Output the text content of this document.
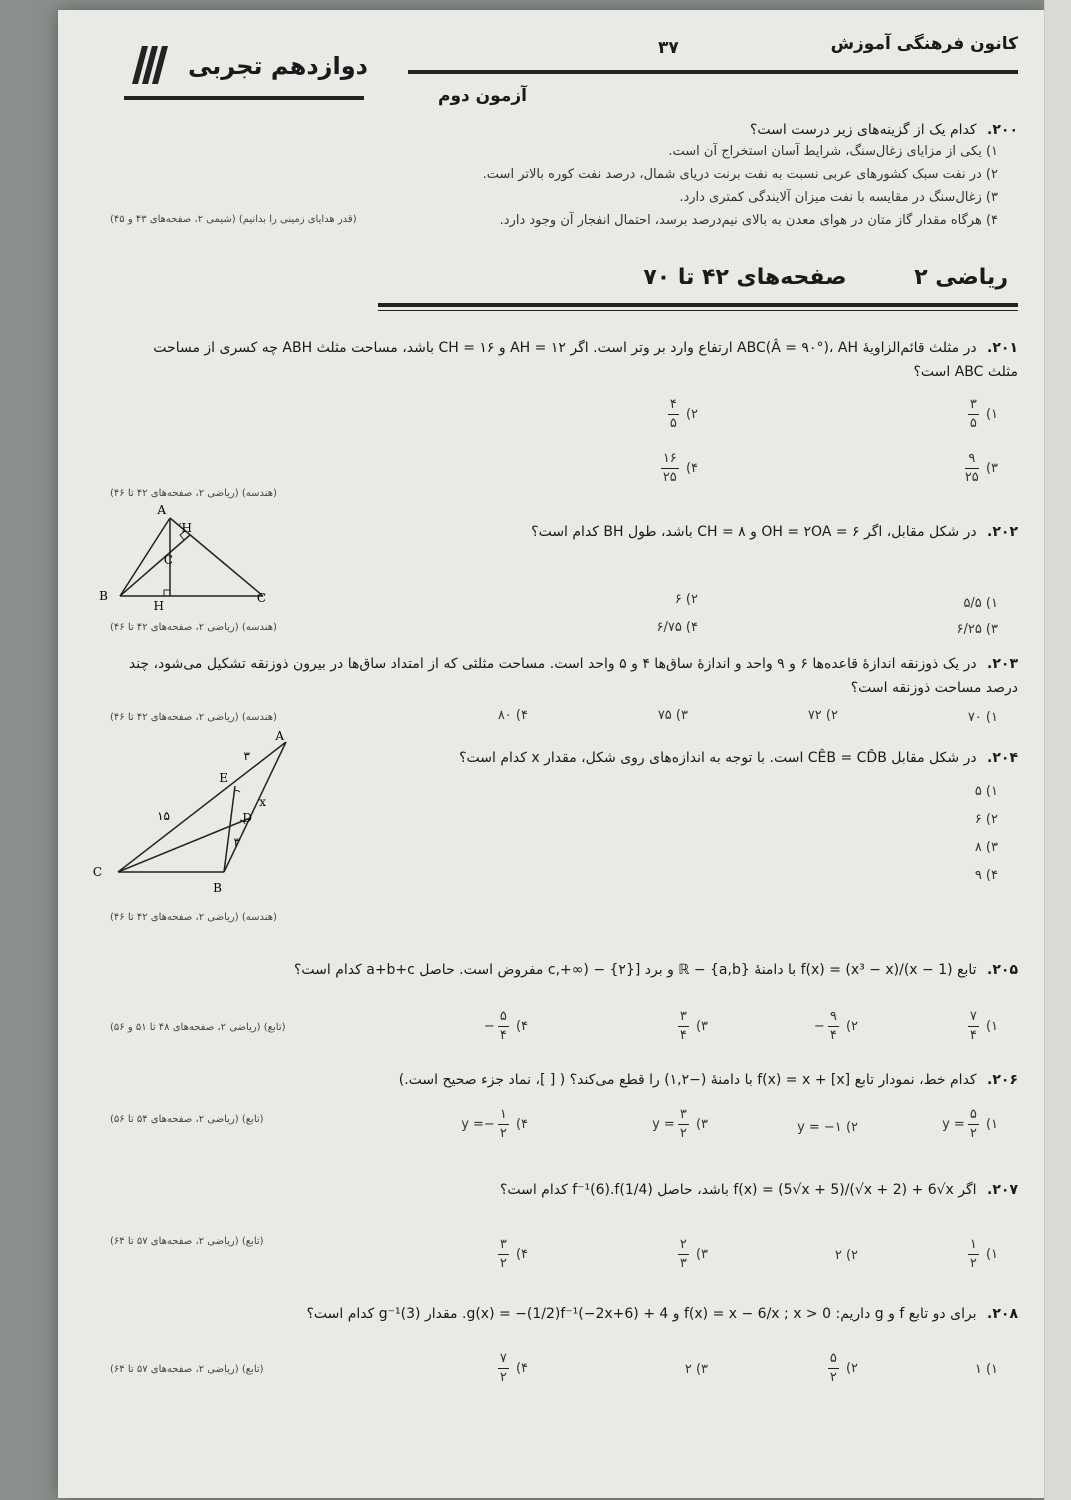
کانون فرهنگی آموزش
۳۷
آزمون دوم
دوازدهم تجربی
۲۰۰. کدام یک از گزینه‌های زیر درست است؟
۱) یکی از مزایای زغال‌سنگ، شرایط آسان استخراج آن است.
۲) در نفت سبک کشورهای عربی نسبت به نفت برنت دریای شمال، درصد نفت کوره بالاتر است.
۳) زغال‌سنگ در مقایسه با نفت میزان آلایندگی کمتری دارد.
۴) هرگاه مقدار گاز متان در هوای معدن به بالای نیم‌درصد برسد، احتمال انفجار آن وجود دارد.
(قدر هدایای زمینی را بدانیم) (شیمی ۲، صفحه‌های ۴۳ و ۴۵)
ریاضی ۲ صفحه‌های ۴۲ تا ۷۰
۲۰۱. در مثلث قائم‌الزاویهٔ ABC(Â = ۹۰°)، AH ارتفاع وارد بر وتر است. اگر AH = ۱۲ و CH = ۱۶ باشد، مساحت مثلث ABH چه کسری از مساحت
مثلث ABC است؟
۱)
$\frac{۳}{۵}$
۲)
$\frac{۴}{۵}$
۳)
$\frac{۹}{۲۵}$
۴)
$\frac{۱۶}{۲۵}$
(هندسه) (ریاضی ۲، صفحه‌های ۴۲ تا ۴۶)
۲۰۲. در شکل مقابل، اگر OH = ۲OA = ۶ و CH = ۸ باشد، طول BH کدام است؟
A
H′
C
B
H
C	۱) ۵/۵
۲) ۶
۳) ۶/۲۵
۴) ۶/۷۵
(هندسه) (ریاضی ۲، صفحه‌های ۴۲ تا ۴۶)
۲۰۳. در یک ذوزنقه اندازهٔ قاعده‌ها ۶ و ۹ واحد و اندازهٔ ساق‌ها ۴ و ۵ واحد است. مساحت مثلثی که از امتداد ساق‌ها در بیرون ذوزنقه تشکیل می‌شود، چند
درصد مساحت ذوزنقه است؟
۱) ۷۰
۲) ۷۲
۳) ۷۵
۴) ۸۰
(هندسه) (ریاضی ۲، صفحه‌های ۴۲ تا ۴۶)
۲۰۴. در شکل مقابل CÊB = CD̂B است. با توجه به اندازه‌های روی شکل، مقدار x کدام است؟
A
E
D
C
B
۳
۱۵
x
۳
۱) ۵
۲) ۶
۳) ۸
۴) ۹
(هندسه) (ریاضی ۲، صفحه‌های ۴۲ تا ۴۶)
۲۰۵. تابع f(x) = (x³ − x)/(x − 1) با دامنهٔ ℝ − {a,b} و برد [c,+∞) − {۲} مفروض است. حاصل a+b+c کدام است؟
۱)
$\frac{۷}{۴}$
۲)
$\frac{۹}{۴}$
−
۳)
$\frac{۳}{۴}$
۴)
$\frac{۵}{۴}$
−
(تابع) (ریاضی ۲، صفحه‌های ۴۸ تا ۵۱ و ۵۶)
۲۰۶. کدام خط، نمودار تابع f(x) = x + [x] با دامنهٔ (−۱,۲) را قطع می‌کند؟ ( [ ]، نماد جزء صحیح است.)
۱)
$\frac{۵}{۲}$
y =
۲) y = −۱
۳)
$\frac{۳}{۲}$
y =
۴)
$\frac{۱}{۲}$
−y =
(تابع) (ریاضی ۲، صفحه‌های ۵۴ تا ۵۶)
۲۰۷. اگر f(x) = (5√x + 5)/(√x + 2) + 6√x باشد، حاصل f⁻¹(6).f(1/4) کدام است؟
۱)
$\frac{۱}{۲}$
۲) ۲
۳)
$\frac{۲}{۳}$
۴)
$\frac{۳}{۲}$
(تابع) (ریاضی ۲، صفحه‌های ۵۷ تا ۶۴)
۲۰۸. برای دو تابع f و g داریم: f(x) = x − 6/x ; x > 0 و g(x) = −(1/2)f⁻¹(−2x+6) + 4. مقدار g⁻¹(3) کدام است؟
۱) ۱
۲)
$\frac{۵}{۲}$
۳) ۲
۴)
$\frac{۷}{۲}$
(تابع) (ریاضی ۲، صفحه‌های ۵۷ تا ۶۴)
